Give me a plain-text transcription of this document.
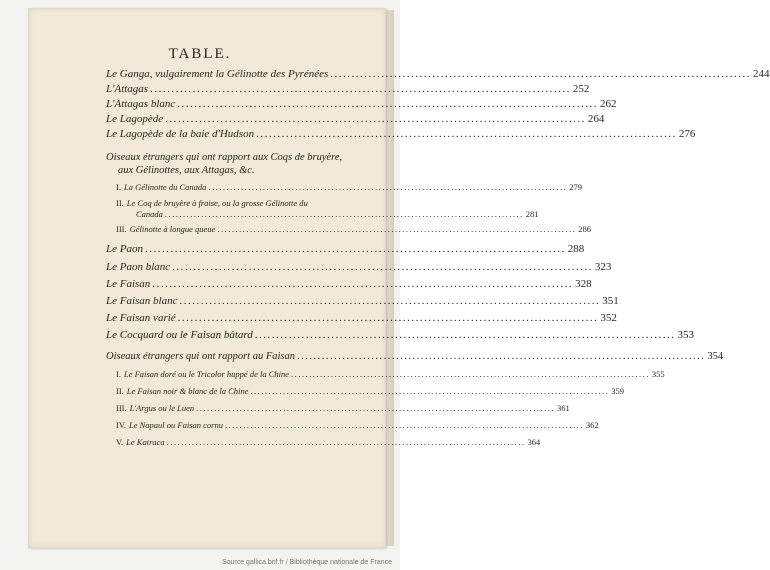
TABLE.
Le Ganga, vulgairement la Gélinotte des Pyrénées ................................................................................................... 244
L'Attagas ................................................................................................... 252
L'Attagas blanc ................................................................................................... 262
Le Lagopède ................................................................................................... 264
Le Lagopède de la baie d'Hudson ................................................................................................... 276
Oiseaux étrangers qui ont rapport aux Coqs de bruyère,
aux Gélinottes, aux Attagas, &c.
I. La Gélinotte du Canada ................................................................................................... 279
II. Le Coq de bruyère à fraise, ou la grosse Gélinotte du
Canada ................................................................................................... 281
III. Gélinotte à longue queue ................................................................................................... 286
Le Paon ................................................................................................... 288
Le Paon blanc ................................................................................................... 323
Le Faisan ................................................................................................... 328
Le Faisan blanc ................................................................................................... 351
Le Faisan varié ................................................................................................... 352
Le Cocquard ou le Faisan bâtard ................................................................................................... 353
Oiseaux étrangers qui ont rapport au Faisan ................................................................................................... 354
I. Le Faisan doré ou le Tricolor huppé de la Chine ................................................................................................... 355
II. Le Faisan noir & blanc de la Chine ................................................................................................... 359
III. L'Argus ou le Luen ................................................................................................... 361
IV. Le Napaul ou Faisan cornu ................................................................................................... 362
V. Le Katraca ................................................................................................... 364
Source gallica.bnf.fr / Bibliothèque nationale de France
